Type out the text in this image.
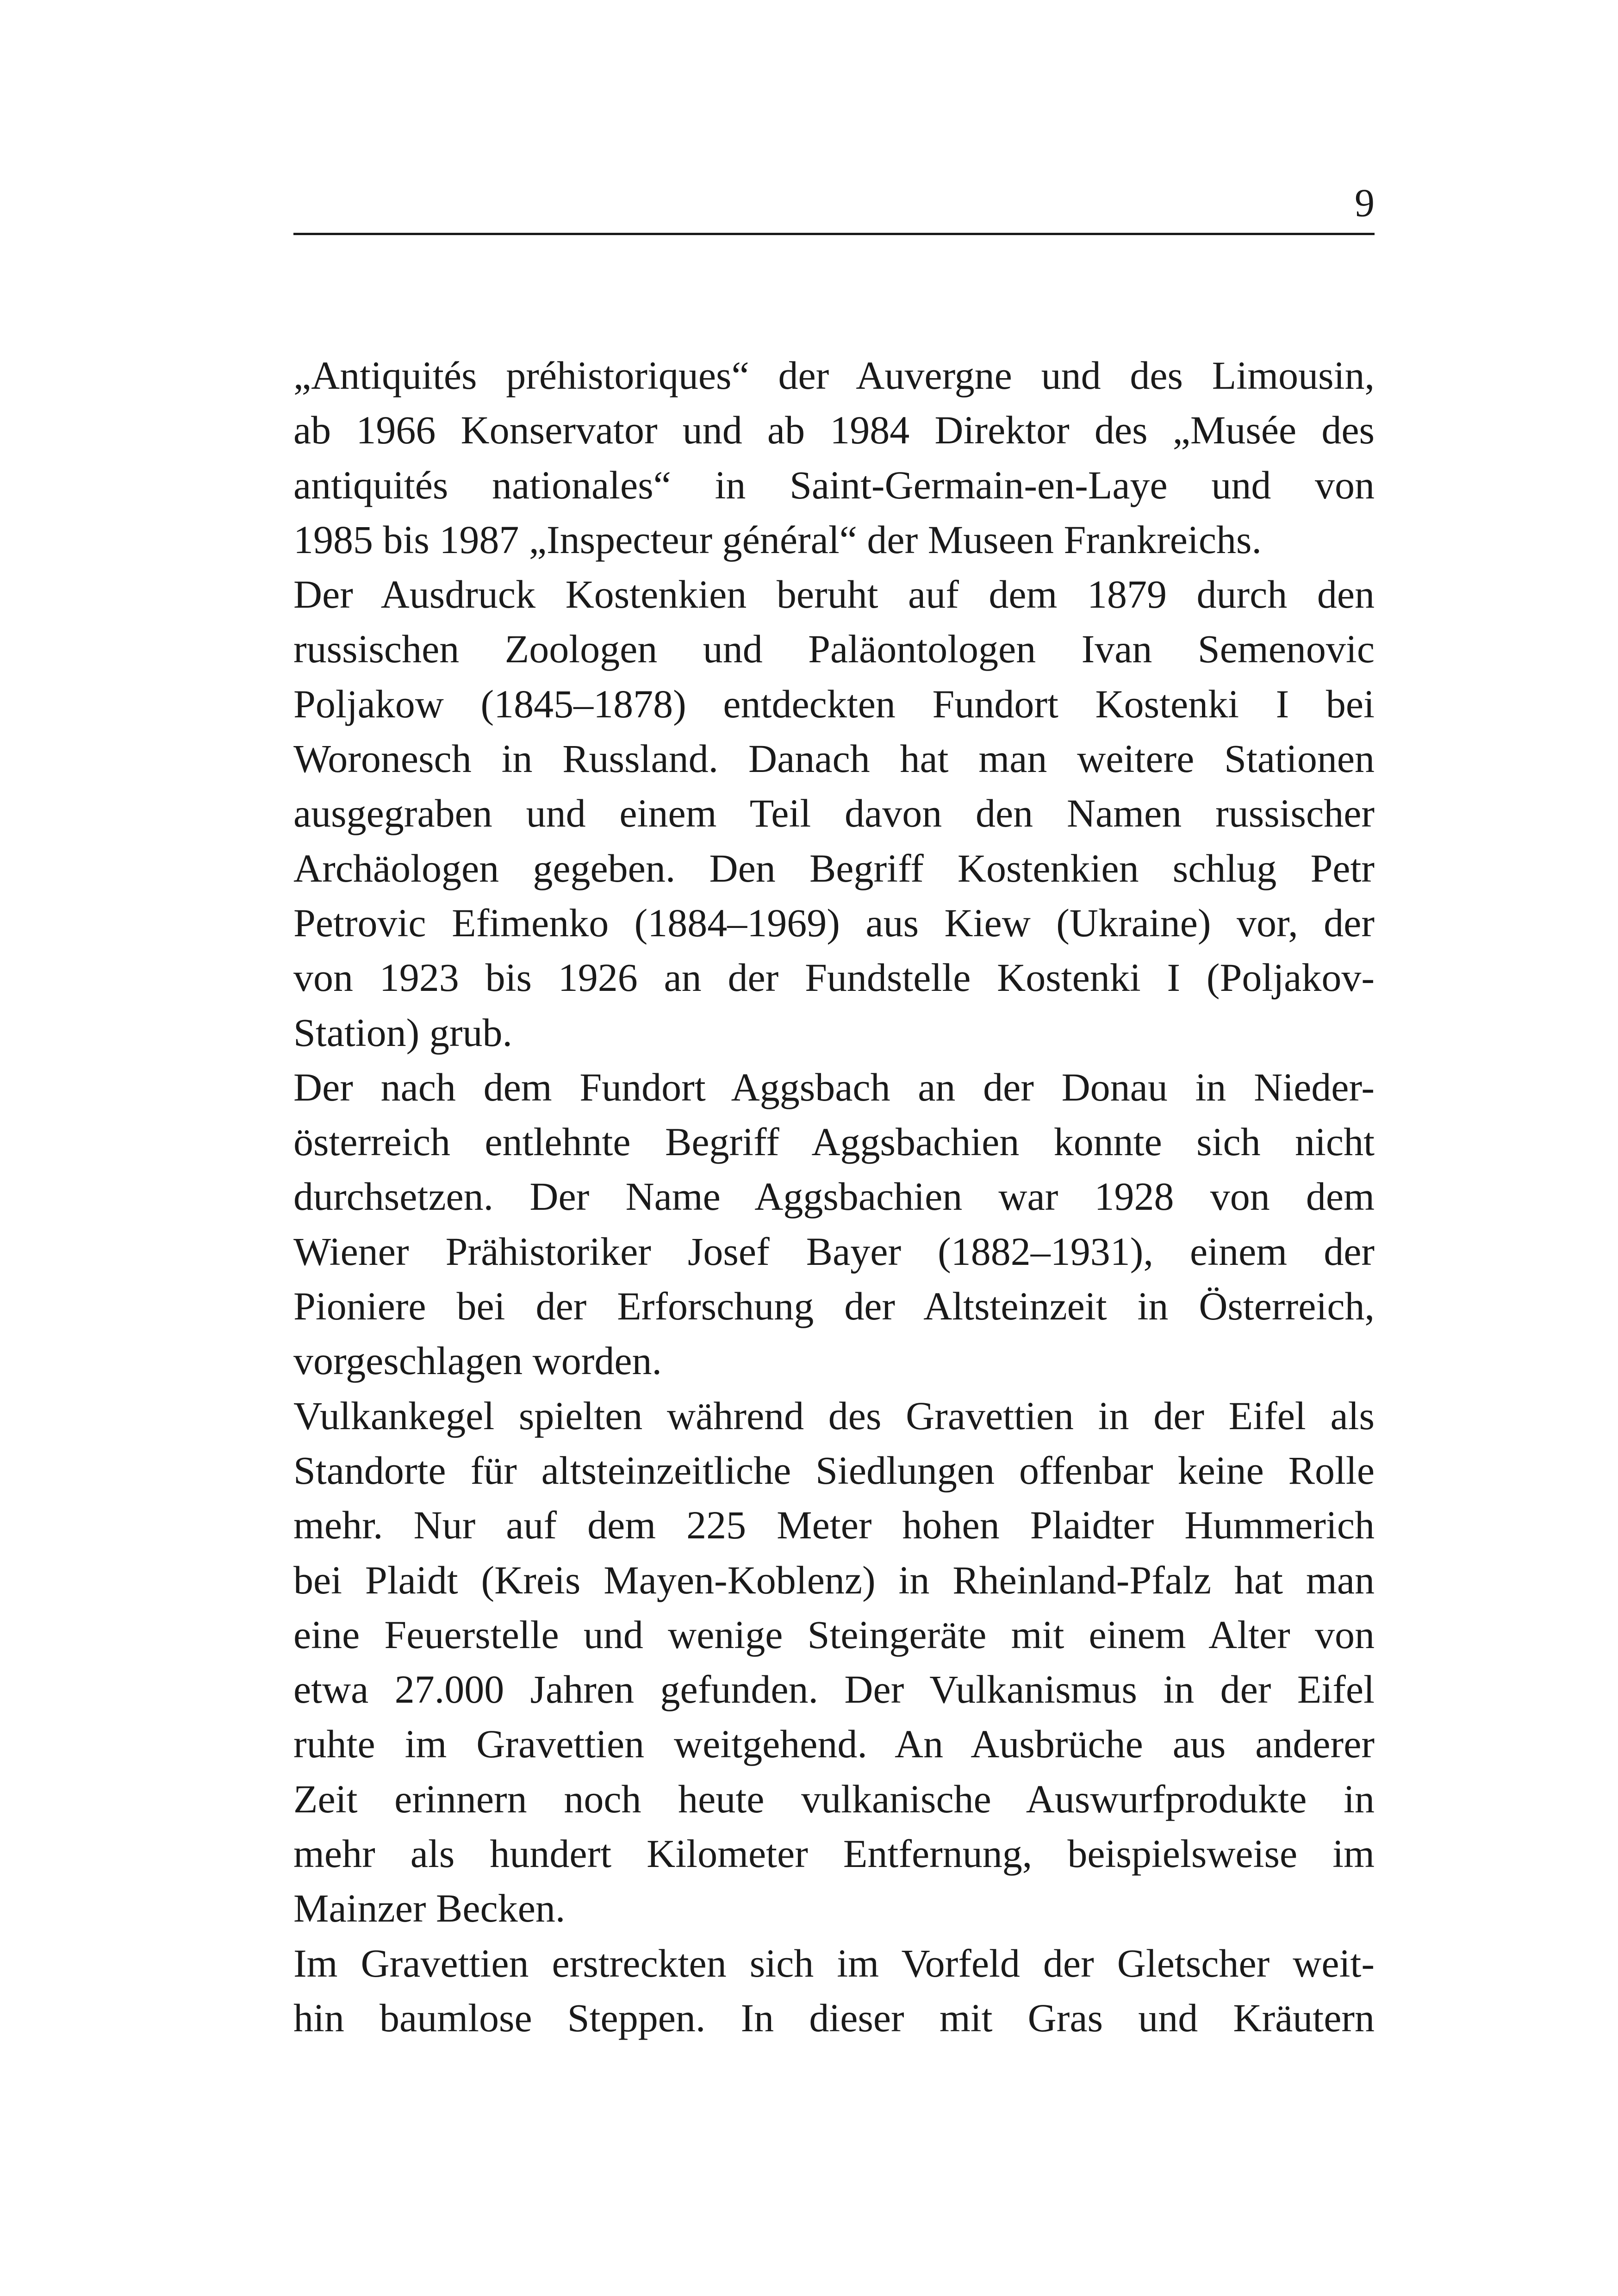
9
„Antiquités préhistoriques“ der Auvergne und des Limousin,
ab 1966 Konservator und ab 1984 Direktor des „Musée des
antiquités nationales“ in Saint-Germain-en-Laye und von
1985 bis 1987 „Inspecteur général“ der Museen Frankreichs.
Der Ausdruck Kostenkien beruht auf dem 1879 durch den
russischen Zoologen und Paläontologen Ivan Semenovic
Poljakow (1845–1878) entdeckten Fundort Kostenki I bei
Woronesch in Russland. Danach hat man weitere Stationen
ausgegraben und einem Teil davon den Namen russischer
Archäologen gegeben. Den Begriff Kostenkien schlug Petr
Petrovic Efimenko (1884–1969) aus Kiew (Ukraine) vor, der
von 1923 bis 1926 an der Fundstelle Kostenki I (Poljakov-
Station) grub.
Der nach dem Fundort Aggsbach an der Donau in Nieder-
österreich entlehnte Begriff Aggsbachien konnte sich nicht
durchsetzen. Der Name Aggsbachien war 1928 von dem
Wiener Prähistoriker Josef Bayer (1882–1931), einem der
Pioniere bei der Erforschung der Altsteinzeit in Österreich,
vorgeschlagen worden.
Vulkankegel spielten während des Gravettien in der Eifel als
Standorte für altsteinzeitliche Siedlungen offenbar keine Rolle
mehr. Nur auf dem 225 Meter hohen Plaidter Hummerich
bei Plaidt (Kreis Mayen-Koblenz) in Rheinland-Pfalz hat man
eine Feuerstelle und wenige Steingeräte mit einem Alter von
etwa 27.000 Jahren gefunden. Der Vulkanismus in der Eifel
ruhte im Gravettien weitgehend. An Ausbrüche aus anderer
Zeit erinnern noch heute vulkanische Auswurfprodukte in
mehr als hundert Kilometer Entfernung, beispielsweise im
Mainzer Becken.
Im Gravettien erstreckten sich im Vorfeld der Gletscher weit-
hin baumlose Steppen. In dieser mit Gras und Kräutern
